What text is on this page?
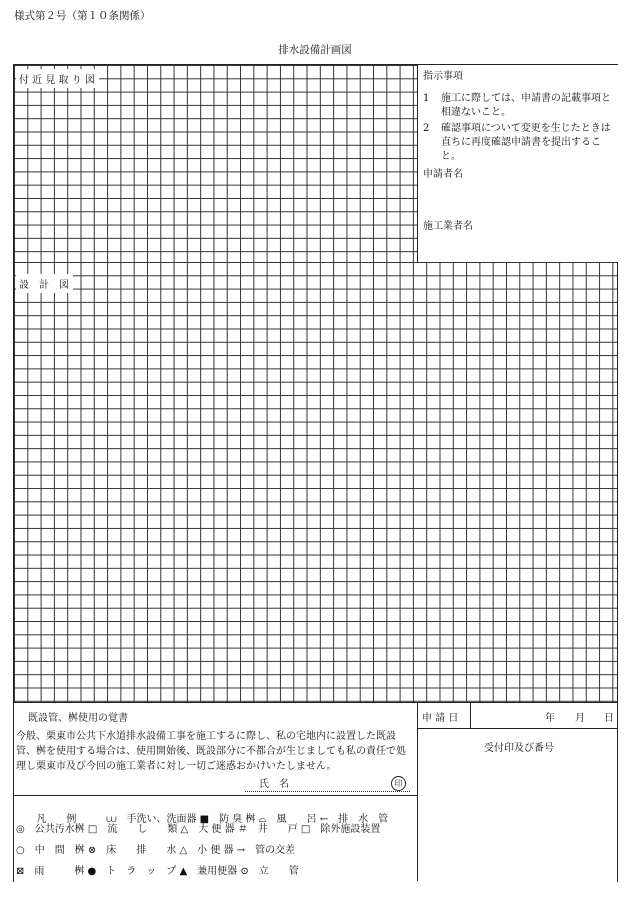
様式第２号（第１０条関係）
排水設備計画図
付 近 見 取 り 図
設　計　図
指示事項
1	施工に際しては、申請書の記載事項と相違ないこと。
2	確認事項について変更を生じたときは直ちに再度確認申請書を提出すること。
申請者名
施工業者名
既設管、桝使用の覚書
今般、栗東市公共下水道排水設備工事を施工するに際し、私の宅地内に設置した既設管、桝を使用する場合は、使用開始後、既設部分に不都合が生じましても私の責任で処理し栗東市及び今回の施工業者に対し一切ご迷惑おかけいたしません。
氏　名	印

凡　　例　　　⩊　 手洗い、洗面器 ■　防 臭 桝 ⌓　風　　呂 ←　排　水　管

◎　公共汚水桝 □　流　　し　　類 △　大 便 器 ＃　井　　戸 □　除外施設装置
○　中　間　桝 ⊗　床　　排　　水 △　小 便 器 →　管の交差
⊠　雨　　　桝 ●　ト　ラ　ッ　プ ▲　兼用便器 ⊙　立　　管
申 請 日	年 月 日
受付印及び番号
